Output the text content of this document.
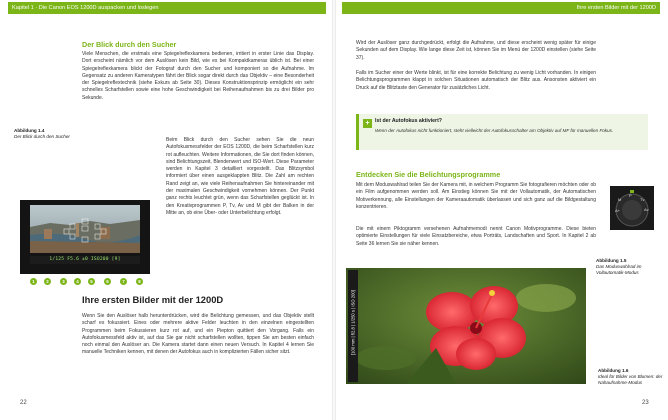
Kapitel 1 · Die Canon EOS 1200D auspacken und loslegen
Der Blick durch den Sucher
Viele Menschen, die erstmals eine Spiegelreflexkamera bedienen, irritiert in erster Linie das Display. Dort erscheint nämlich vor dem Auslösen kein Bild, wie es bei Kompaktkameras üblich ist. Bei einer Spiegelreflexkamera blickt der Fotograf durch den Sucher und komponiert so die Aufnahme. Im Gegensatz zu anderen Kameratypen fährt der Blick sogar direkt durch das Objektiv – eine Besonderheit der Spiegelreflextechnik (siehe Exkurs ab Seite 30). Dieses Konstruktionsprinzip ermöglicht ein sehr schnelles Scharfstellen sowie eine hohe Geschwindigkeit bei Reihenaufnahmen bis zu drei Bilder pro Sekunde.
Abbildung 1.4
Der Blick durch den Sucher
Beim Blick durch den Sucher sehen Sie die neun Autofokusmessfelder der EOS 1200D, die beim Scharfstellen kurz rot aufleuchten. Weitere Informationen, die Sie dort finden können, sind Belichtungszeit, Blendenwert und ISO-Wert. Diese Parameter werden in Kapitel 3 detailliert vorgestellt. Das Blitzsymbol informiert über einen ausgeklappten Blitz. Die Zahl am rechten Rand zeigt an, wie viele Reihenaufnahmen Sie hintereinander mit der maximalen Geschwindigkeit vornehmen können. Der Punkt ganz rechts leuchtet grün, wenn das Scharfstellen geglückt ist. In den Kreativprogrammen P, Tv, Av und M gibt der Balken in der Mitte an, ob eine Über- oder Unterbelichtung erfolgt.
1/125 F5.6 ±0 ISO200 [9]
1	2	3	4	5	6	7	8
Ihre ersten Bilder mit der 1200D
Wenn Sie den Auslöser halb herunterdrücken, wird die Belichtung gemessen, und das Objektiv stellt scharf es fokussiert. Eines oder mehrere aktive Felder leuchten in den einzelnen eingestellten Programmen beim Fokussieren kurz rot auf, und ein Piepton quittiert den Vorgang. Falls ein Autofokusmessfeld aktiv ist, auf das Sie gar nicht scharfstellen wollten, tippen Sie am besten einfach noch einmal den Auslöser an. Die Kamera startet dann einen neuen Versuch. In Kapitel 4 lernen Sie manuelle Techniken kennen, mit denen der Autofokus auch in komplizierten Fällen sicher sitzt.
22
Ihre ersten Bilder mit der 1200D
Wird der Auslöser ganz durchgedrückt, erfolgt die Aufnahme, und diese erscheint wenig später für einige Sekunden auf dem Display. Wie lange diese Zeit ist, können Sie im Menü der 1200D einstellen (siehe Seite 37).
Falls im Sucher einer der Werte blinkt, ist für eine korrekte Belichtung zu wenig Licht vorhanden. In einigen Belichtungsprogrammen klappt in solchen Situationen automatisch der Blitz aus. Ansonsten aktiviert ein Druck auf die Blitztaste den Generator für zusätzliches Licht.
+	Ist der Autofokus aktiviert?
Wenn der Autofokus nicht funktioniert, steht vielleicht der Autofokusschalter am Objektiv auf MF für manuellen Fokus.
Entdecken Sie die Belichtungsprogramme
Mit dem Moduswahlrad teilen Sie der Kamera mit, in welchem Programm Sie fotografieren möchten oder ob ein Film aufgenommen werden soll. Am Einstieg können Sie mit der Vollautomatik, der Automatischen Motiverkennung, alle Einstellungen der Kameraautomatik überlassen und sich ganz auf die Bildgestaltung konzentrieren.
Die mit einem Piktogramm versehenen Aufnahmemodi nennt Canon Motivprogramme. Diese bieten optimierte Einstellungen für viele Einsatzbereiche, etwa Porträts, Landschaften und Sport. In Kapitel 2 ab Seite 36 lernen Sie sie näher kennen.
P
Tv
Av
M
A+
Abbildung 1.5
Das Moduswahlrad im Vollautomatik-Modus
[100 mm | f/2.8 | 1/250 s | ISO 200]
Abbildung 1.6
Ideal für Bilder von Blumen: der Nahaufnahme-Modus
23
